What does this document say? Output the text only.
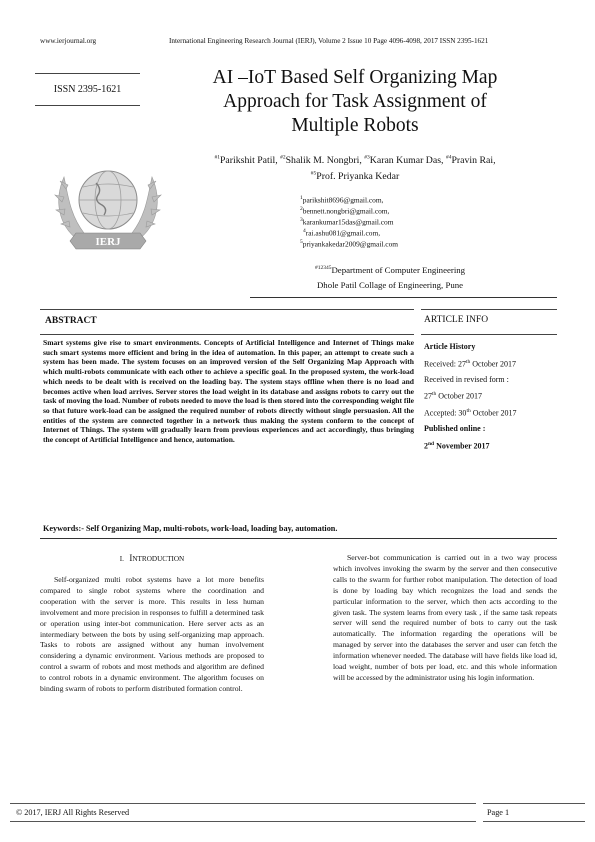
www.ierjournal.org	International Engineering Research Journal (IERJ), Volume 2 Issue 10 Page 4096-4098, 2017 ISSN 2395-1621
ISSN 2395-1621
IERJ
AI –IoT Based Self Organizing Map
Approach for Task Assignment of
Multiple Robots
$^{\#1}$Parikshit Patil, $^{\#2}$Shalik M. Nongbri, $^{\#3}$Karan Kumar Das, $^{\#4}$Pravin Rai,
$^{\#5}$Prof. Priyanka Kedar
$^1$parikshit8696@gmail.com,
$^2$bennett.nongbri@gmail.com,
$^3$karankumar15das@gmail.com
$^4$rai.ashu081@gmail.com,
$^5$priyankakedar2009@gmail.com
$^{\#12345}$Department of Computer Engineering
Dhole Patil Collage of Engineering, Pune
ABSTRACT
Smart systems give rise to smart environments. Concepts of Artificial Intelligence and Internet of Things make such smart systems more efficient and bring in the idea of automation. In this paper, an attempt to create such a system has been made. The system focuses on an improved version of the Self Organizing Map Approach with which multi-robots communicate with each other to achieve a specific goal. In the proposed system, the work-load which needs to be dealt with is received on the loading bay. The system stays offline when there is no load and becomes active when load arrives. Server stores the load weight in its database and assigns robots to carry out the task of moving the load. Number of robots needed to move the load is then stored into the corresponding weight file so that future work-load can be assigned the required number of robots directly without single persuasion. All the entities of the system are connected together in a network thus making the system conform to the concept of Internet of Things. The system will gradually learn from previous experiences and act accordingly, thus bringing the concept of Artificial Intelligence and hence, automation.
ARTICLE INFO
Article History
Received: 27th October 2017
Received in revised form :
27th October 2017
Accepted: 30th October 2017
Published online :
2nd November 2017
Keywords:- Self Organizing Map, multi-robots, work-load, loading bay, automation.
I. INTRODUCTION

Self-organized multi robot systems have a lot more benefits compared to single robot systems where the coordination and cooperation with the server is more. This results in less human involvement and more precision in responses to fulfill a determined task or operation using inter-bot communication. Here server acts as an intermediary between the bots by using self-organizing map approach. Tasks to robots are assigned without any human involvement considering a dynamic environment. Various methods are proposed to control a swarm of robots and most methods and algorithm are defined to control robots in a dynamic environment. The algorithm focuses on binding swarm of robots to perform distributed formation control.

Server-bot communication is carried out in a two way process which involves invoking the swarm by the server and then consecutive calls to the swarm for further robot manipulation. The detection of load is done by loading bay which recognizes the load and sends the particular information to the server, which then acts according to the given task. The system learns from every task , if the same task repeats server will send the required number of bots to carry out the task automatically. The information regarding the operations will be managed by server into the databases the server and user can fetch the information whenever needed. The database will have fields like load id, load weight, number of bots per load, etc. and this whole information will be accessed by the administrator using his login information.

© 2017, IERJ All Rights Reserved	Page 1
